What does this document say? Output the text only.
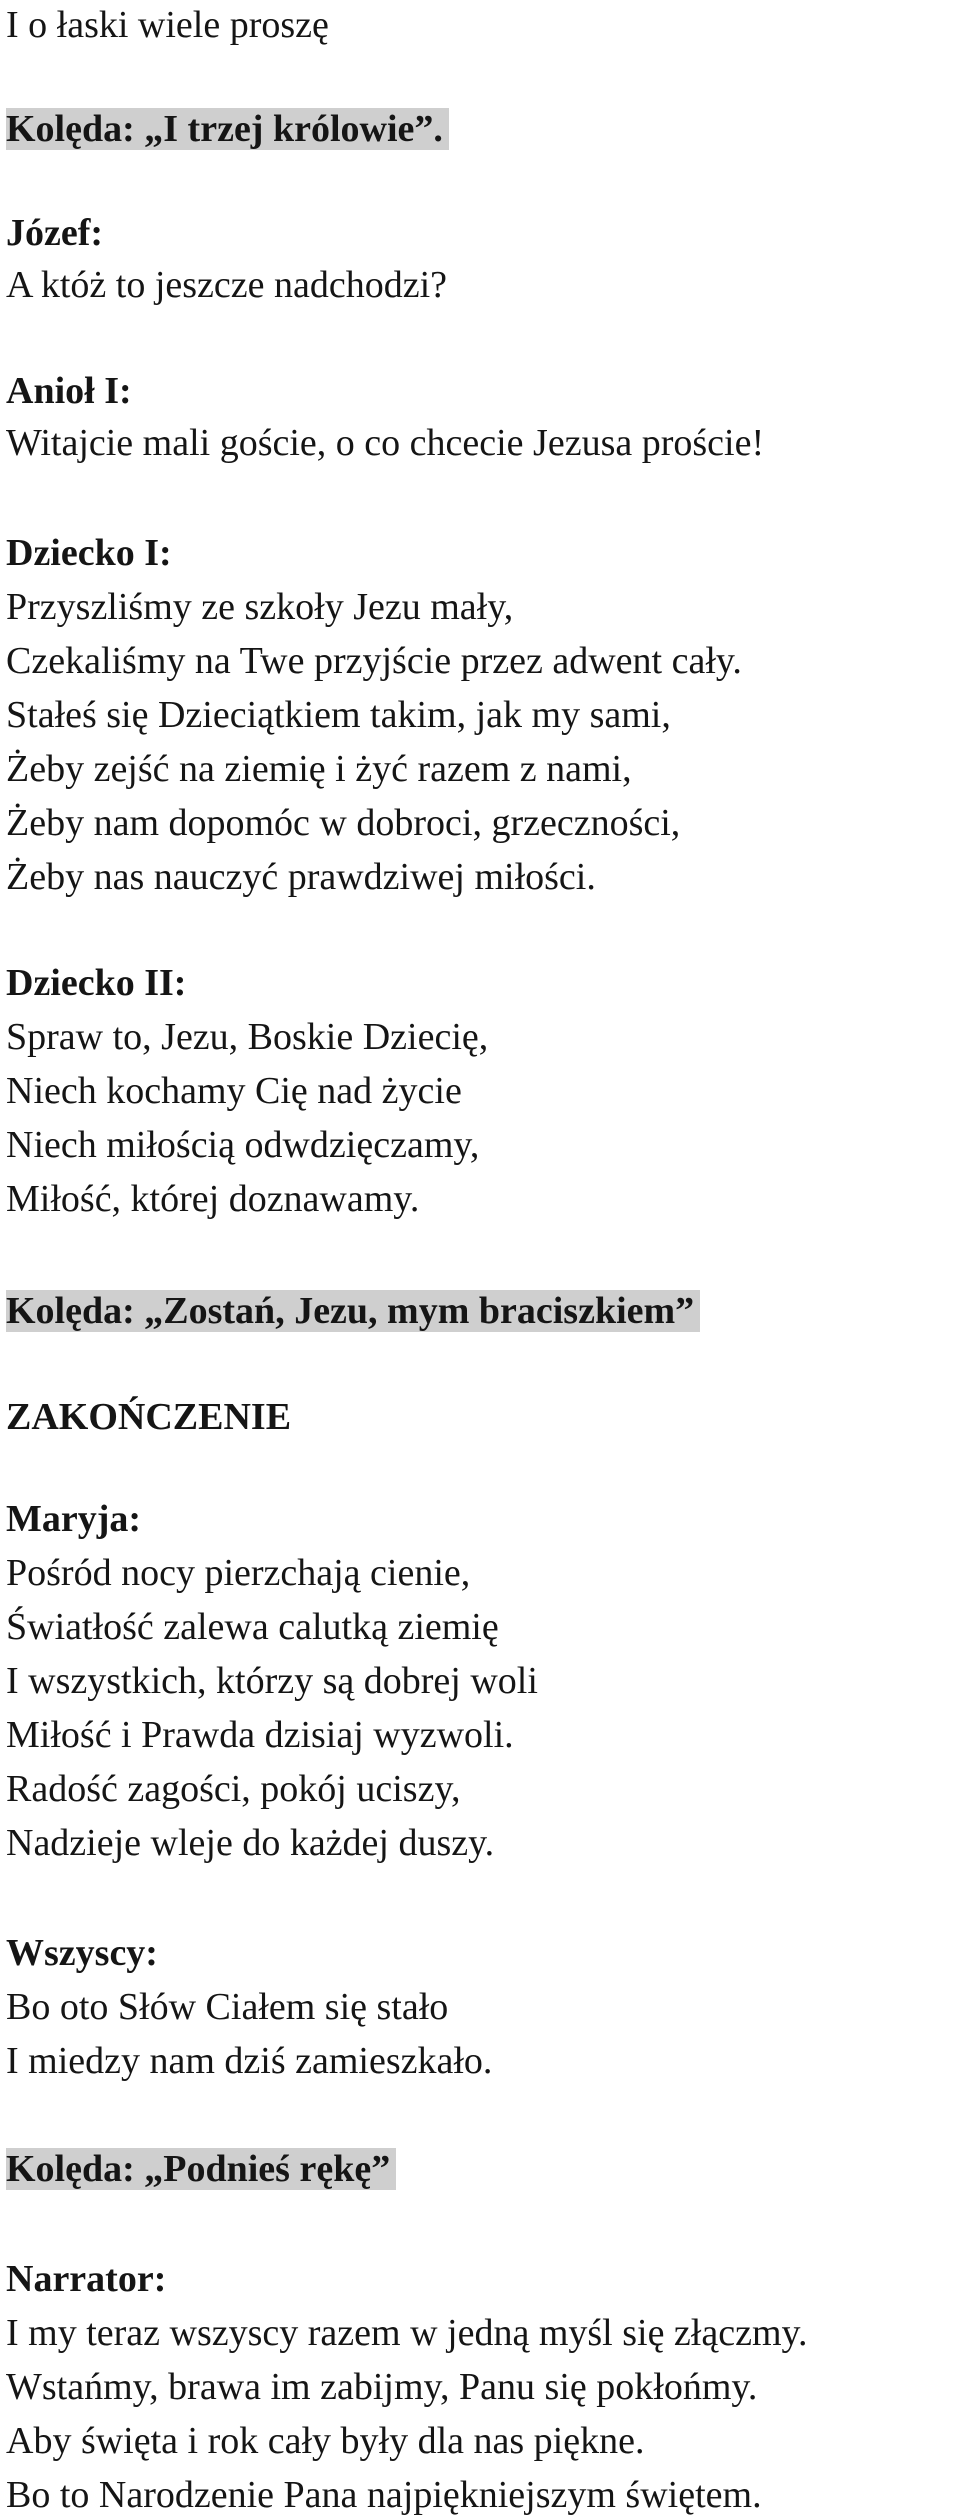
I o łaski wiele proszę
Kolęda: „I trzej królowie”.
Józef:
A któż to jeszcze nadchodzi?
Anioł I:
Witajcie mali goście, o co chcecie Jezusa proście!
Dziecko I:
Przyszliśmy ze szkoły Jezu mały,
Czekaliśmy na Twe przyjście przez adwent cały.
Stałeś się Dzieciątkiem takim, jak my sami,
Żeby zejść na ziemię i żyć razem z nami,
Żeby nam dopomóc w dobroci, grzeczności,
Żeby nas nauczyć prawdziwej miłości.
Dziecko II:
Spraw to, Jezu, Boskie Dziecię,
Niech kochamy Cię nad życie
Niech miłością odwdzięczamy,
Miłość, której doznawamy.
Kolęda: „Zostań, Jezu, mym braciszkiem”
ZAKOŃCZENIE
Maryja:
Pośród nocy pierzchają cienie,
Światłość zalewa calutką ziemię
I wszystkich, którzy są dobrej woli
Miłość i Prawda dzisiaj wyzwoli.
Radość zagości, pokój uciszy,
Nadzieje wleje do każdej duszy.
Wszyscy:
Bo oto Słów Ciałem się stało
I miedzy nam dziś zamieszkało.
Kolęda: „Podnieś rękę”
Narrator:
I my teraz wszyscy razem w jedną myśl się złączmy.
Wstańmy, brawa im zabijmy, Panu się pokłońmy.
Aby święta i rok cały były dla nas piękne.
Bo to Narodzenie Pana najpiękniejszym świętem.
